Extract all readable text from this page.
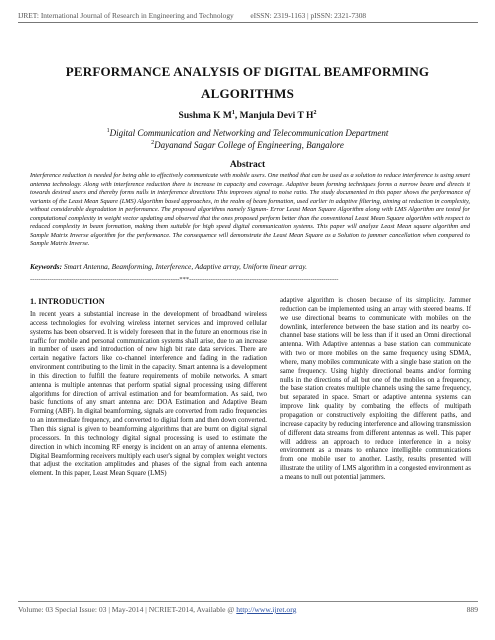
IJRET: International Journal of Research in Engineering and Technology eISSN: 2319-1163 | pISSN: 2321-7308
PERFORMANCE ANALYSIS OF DIGITAL BEAMFORMING
ALGORITHMS
Sushma K $M^1$, Manjula Devi T $H^2$
$^1$Digital Communication and Networking and Telecommunication Department
$^2$Dayanand Sagar College of Engineering, Bangalore
Abstract
Interference reduction is needed for being able to effectively communicate with mobile users. One method that can be used as a solution to reduce interference is using smart antenna technology. Along with interference reduction there is increase in capacity and coverage. Adaptive beam forming techniques forms a narrow beam and directs it towards desired users and thereby forms nulls in interference directions This improves signal to noise ratio. The study documented in this paper shows the performance of variants of the Least Mean Square (LMS) Algorithm based approaches, in the realm of beam formation, used earlier in adaptive filtering, aiming at reduction in complexity, without considerable degradation in performance. The proposed algorithms namely Signum- Error Least Mean Square Algorithm along with LMS Algorithm are tested for computational complexity in weight vector updating and observed that the ones proposed perform better than the conventional Least Mean Square algorithm with respect to reduced complexity in beam formation, making them suitable for high speed digital communication systems. This paper will analyze Least Mean square algorithm and Sample Matrix Inverse algorithm for the performance. The consequence will demonstrate the Least Mean Square as a Solution to jammer cancellation when compared to Sample Matrix Inverse.
Keywords: Smart Antenna, Beamforming, Interference, Adaptive array, Uniform linear array.
---------------------------------------------------------------------***---------------------------------------------------------------------
1. INTRODUCTION
In recent years a substantial increase in the development of broadband wireless access technologies for evolving wireless internet services and improved cellular systems has been observed. It is widely foreseen that in the future an enormous rise in traffic for mobile and personal communication systems shall arise, due to an increase in number of users and introduction of new high bit rate data services. There are certain negative factors like co-channel interference and fading in the radiation environment contributing to the limit in the capacity. Smart antenna is a development in this direction to fulfill the feature requirements of mobile networks. A smart antenna is multiple antennas that perform spatial signal processing using different algorithms for direction of arrival estimation and for beamformation. As said, two basic functions of any smart antenna are: DOA Estimation and Adaptive Beam Forming (ABF). In digital beamforming, signals are converted from radio frequencies to an intermediate frequency, and converted to digital form and then down converted. Then this signal is given to beamforming algorithms that are burnt on digital signal processors. In this technology digital signal processing is used to estimate the direction in which incoming RF energy is incident on an array of antenna elements. Digital Beamforming receivers multiply each user's signal by complex weight vectors that adjust the excitation amplitudes and phases of the signal from each antenna element. In this paper, Least Mean Square (LMS)
adaptive algorithm is chosen because of its simplicity. Jammer reduction can be implemented using an array with steered beams. If we use directional beams to communicate with mobiles on the downlink, interference between the base station and its nearby co-channel base stations will be less than if it used an Omni directional antenna. With Adaptive antennas a base station can communicate with two or more mobiles on the same frequency using SDMA, where, many mobiles communicate with a single base station on the same frequency. Using highly directional beams and/or forming nulls in the directions of all but one of the mobiles on a frequency, the base station creates multiple channels using the same frequency, but separated in space. Smart or adaptive antenna systems can improve link quality by combating the effects of multipath propagation or constructively exploiting the different paths, and increase capacity by reducing interference and allowing transmission of different data streams from different antennas as well. This paper will address an approach to reduce interference in a noisy environment as a means to enhance intelligible communications from one mobile user to another. Lastly, results presented will illustrate the utility of LMS algorithm in a congested environment as a means to null out potential jammers.
Volume: 03 Special Issue: 03 | May-2014 | NCRIET-2014, Available @ http://www.ijret.org	889
